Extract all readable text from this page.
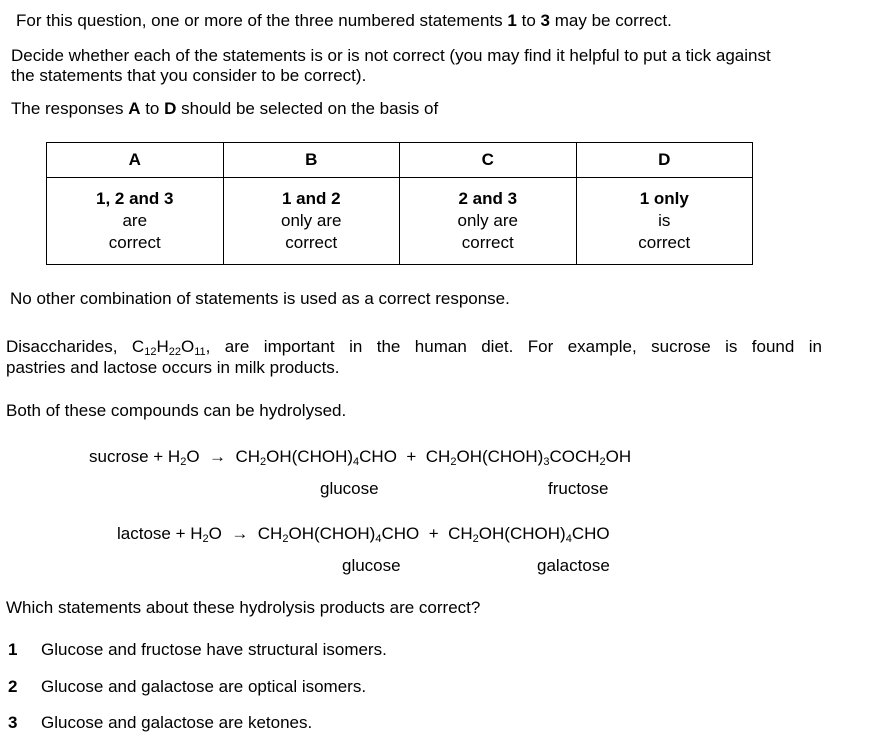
For this question, one or more of the three numbered statements 1 to 3 may be correct.
Decide whether each of the statements is or is not correct (you may find it helpful to put a tick against
the statements that you consider to be correct).
The responses A to D should be selected on the basis of
A	B	C	D
1, 2 and 3
are
correct	1 and 2
only are
correct	2 and 3
only are
correct	1 only
is
correct
No other combination of statements is used as a correct response.
Disaccharides, $C_{12}H_{22}O_{11}$, are important in the human diet. For example, sucrose is found in
pastries and lactose occurs in milk products.
Both of these compounds can be hydrolysed.
sucrose + $H_2O$ → $CH_2OH(CHOH)_4CHO$ + $CH_2OH(CHOH)_3COCH_2OH$
glucose	fructose
lactose + $H_2O$ → $CH_2OH(CHOH)_4CHO$ + $CH_2OH(CHOH)_4CHO$
glucose	galactose
Which statements about these hydrolysis products are correct?
1 Glucose and fructose have structural isomers.
2 Glucose and galactose are optical isomers.
3 Glucose and galactose are ketones.
